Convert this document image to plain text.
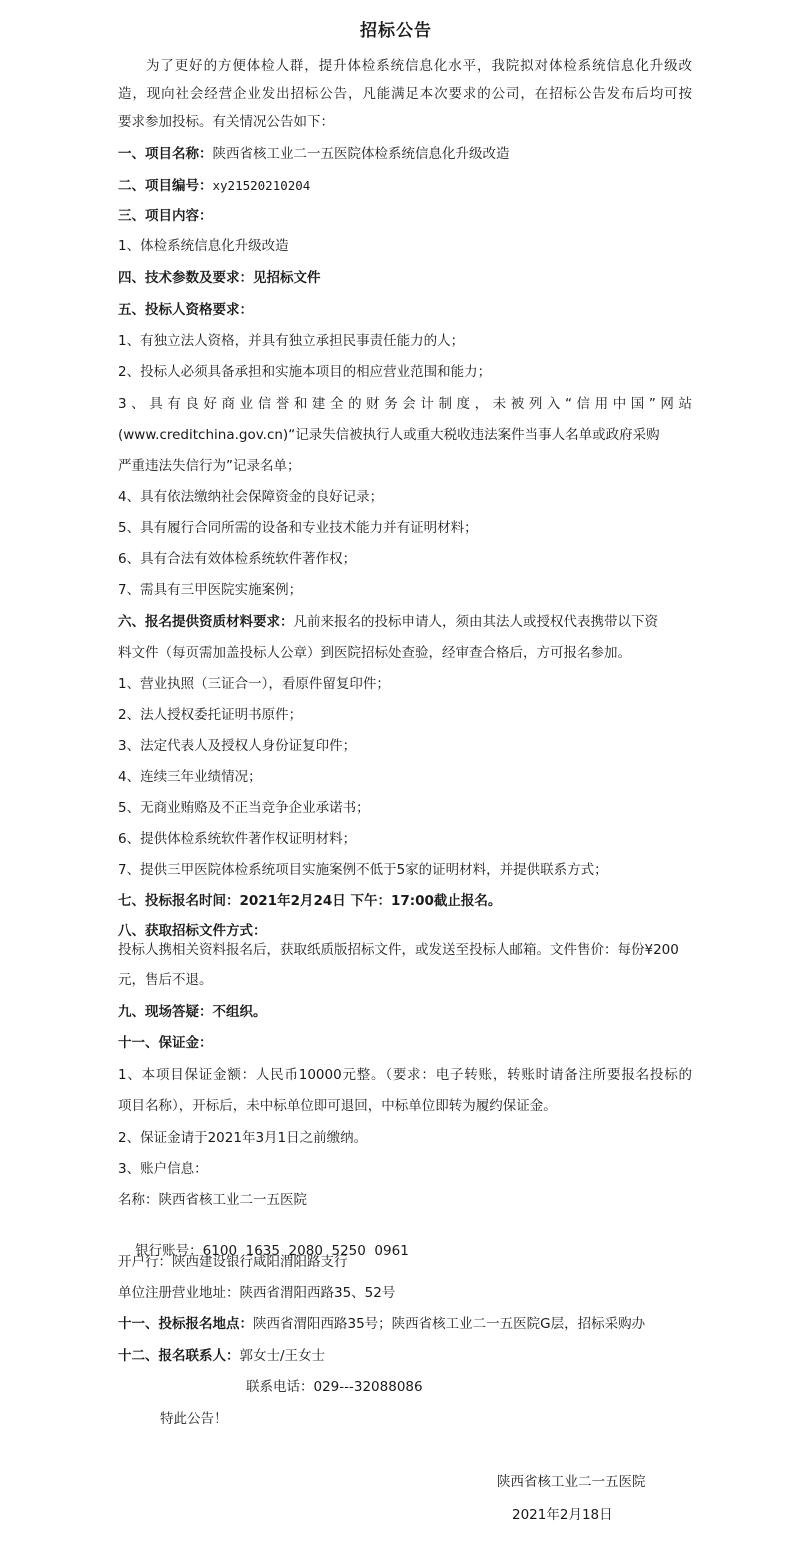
招标公告
为了更好的方便体检人群，提升体检系统信息化水平，我院拟对体检系统信息化升级改
造，现向社会经营企业发出招标公告，凡能满足本次要求的公司，在招标公告发布后均可按
要求参加投标。有关情况公告如下：
一、项目名称：陕西省核工业二一五医院体检系统信息化升级改造
二、项目编号：xy21520210204
三、项目内容：
1、体检系统信息化升级改造
四、技术参数及要求：见招标文件
五、投标人资格要求：
1、有独立法人资格，并具有独立承担民事责任能力的人；
2、投标人必须具备承担和实施本项目的相应营业范围和能力；
3、具有良好商业信誉和建全的财务会计制度，未被列入“信用中国”网站
(www.creditchina.gov.cn)“记录失信被执行人或重大税收违法案件当事人名单或政府采购
严重违法失信行为”记录名单；
4、具有依法缴纳社会保障资金的良好记录；
5、具有履行合同所需的设备和专业技术能力并有证明材料；
6、具有合法有效体检系统软件著作权；
7、需具有三甲医院实施案例；
六、报名提供资质材料要求：凡前来报名的投标申请人，须由其法人或授权代表携带以下资
料文件（每页需加盖投标人公章）到医院招标处查验，经审查合格后，方可报名参加。
1、营业执照（三证合一），看原件留复印件；
2、法人授权委托证明书原件；
3、法定代表人及授权人身份证复印件；
4、连续三年业绩情况；
5、无商业贿赂及不正当竞争企业承诺书；
6、提供体检系统软件著作权证明材料；
7、提供三甲医院体检系统项目实施案例不低于5家的证明材料，并提供联系方式；
七、投标报名时间：2021年2月24日 下午：17:00截止报名。
八、获取招标文件方式：
投标人携相关资料报名后，获取纸质版招标文件，或发送至投标人邮箱。文件售价：每份¥200
元，售后不退。
九、现场答疑：不组织。
十一、保证金：
1、本项目保证金额：人民币10000元整。（要求：电子转账，转账时请备注所要报名投标的
项目名称），开标后，未中标单位即可退回，中标单位即转为履约保证金。
2、保证金请于2021年3月1日之前缴纳。
3、账户信息：
名称：陕西省核工业二一五医院

银行账号：6100  1635  2080  5250  0961

开户行：陕西建设银行咸阳渭阳路支行
单位注册营业地址：陕西省渭阳西路35、52号
十一、投标报名地点：陕西省渭阳西路35号；陕西省核工业二一五医院G层，招标采购办
十二、报名联系人：郭女士/王女士
联系电话：029---32088086
特此公告！
陕西省核工业二一五医院
2021年2月18日
